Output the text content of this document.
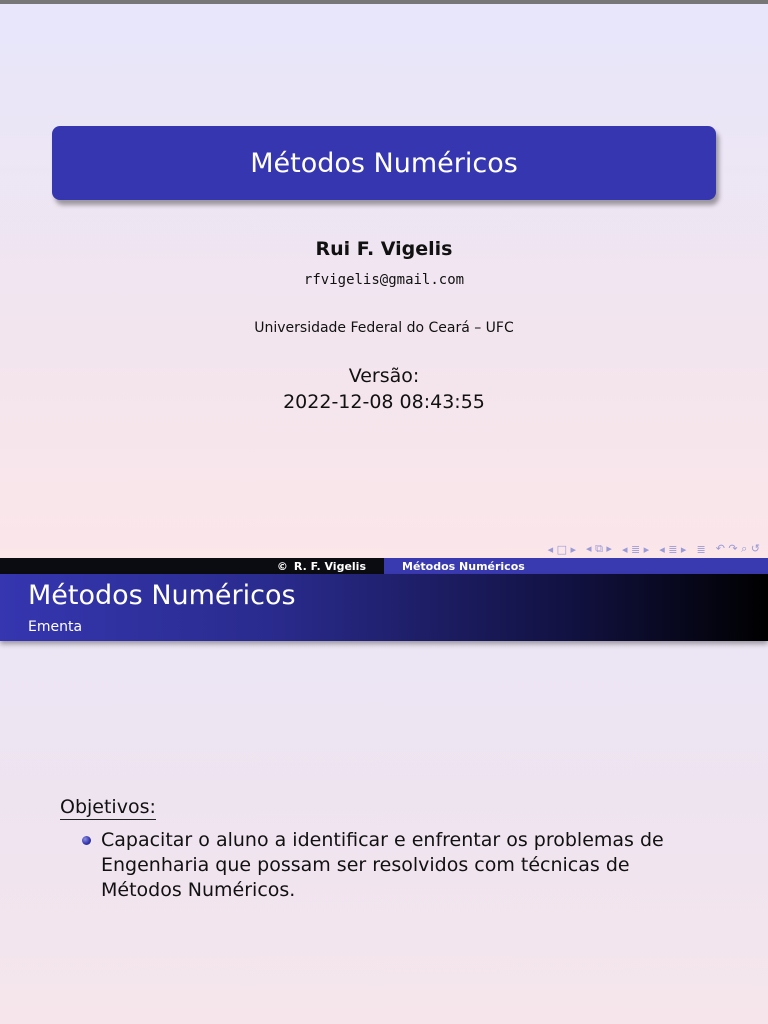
Métodos Numéricos
Rui F. Vigelis
rfvigelis@gmail.com
Universidade Federal do Ceará – UFC
Versão:
2022-12-08 08:43:55
◂ □ ▸ ◂ ⧉ ▸ ◂ ≣ ▸ ◂ ≣ ▸ ≣ ↶ ↷ ⌕ ↺
© R. F. Vigelis	Métodos Numéricos
Métodos Numéricos
Ementa
Objetivos:
Capacitar o aluno a identificar e enfrentar os problemas de Engenharia que possam ser resolvidos com técnicas de Métodos Numéricos.
